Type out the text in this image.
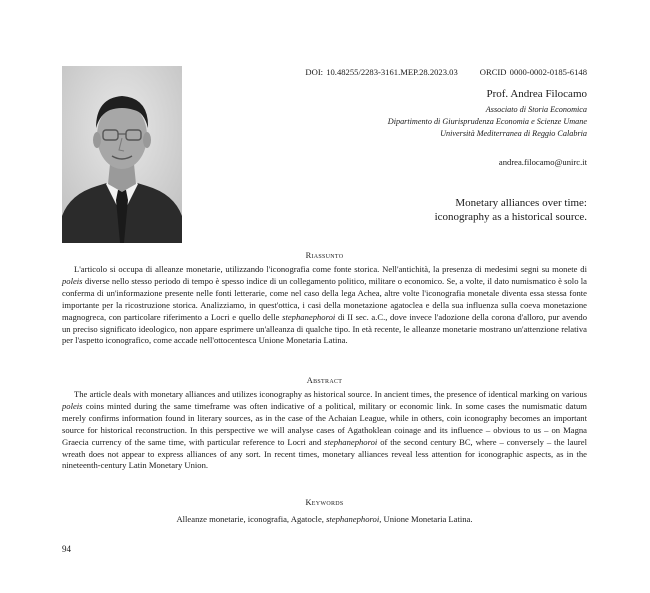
DOI: 10.48255/2283-3161.MEP.28.2023.03	ORCID 0000-0002-0185-6148
Prof. Andrea Filocamo
Associato di Storia Economica
Dipartimento di Giurisprudenza Economia e Scienze Umane
Università Mediterranea di Reggio Calabria
andrea.filocamo@unirc.it
Monetary alliances over time:
iconography as a historical source.
Riassunto

L'articolo si occupa di alleanze monetarie, utilizzando l'iconografia come fonte storica. Nell'antichità, la presenza di medesimi segni su monete di poleis diverse nello stesso periodo di tempo è spesso indice di un collegamento politico, militare o economico. Se, a volte, il dato numismatico è solo la conferma di un'informazione presente nelle fonti letterarie, come nel caso della lega Achea, altre volte l'iconografia monetale diventa essa stessa fonte importante per la ricostruzione storica. Analizziamo, in quest'ottica, i casi della monetazione agatoclea e della sua influenza sulla coeva monetazione magnogreca, con particolare riferimento a Locri e quello delle stephanephoroi di II sec. a.C., dove invece l'adozione della corona d'alloro, pur avendo un preciso significato ideologico, non appare esprimere un'alleanza di qualche tipo. In età recente, le alleanze monetarie mostrano un'attenzione relativa per l'aspetto iconografico, come accade nell'ottocentesca Unione Monetaria Latina.

Abstract

The article deals with monetary alliances and utilizes iconography as historical source. In ancient times, the presence of identical marking on various poleis coins minted during the same timeframe was often indicative of a political, military or economic link. In some cases the numismatic datum merely confirms information found in literary sources, as in the case of the Achaian League, while in others, coin iconography becomes an important source for historical reconstruction. In this perspective we will analyse cases of Agathoklean coinage and its influence – obvious to us – on Magna Graecia currency of the same time, with particular reference to Locri and stephanephoroi of the second century BC, where – conversely – the laurel wreath does not appear to express alliances of any sort. In recent times, monetary alliances reveal less attention for iconographic aspects, as in the nineteenth-century Latin Monetary Union.

Keywords
Alleanze monetarie, iconografia, Agatocle, stephanephoroi, Unione Monetaria Latina.
94
